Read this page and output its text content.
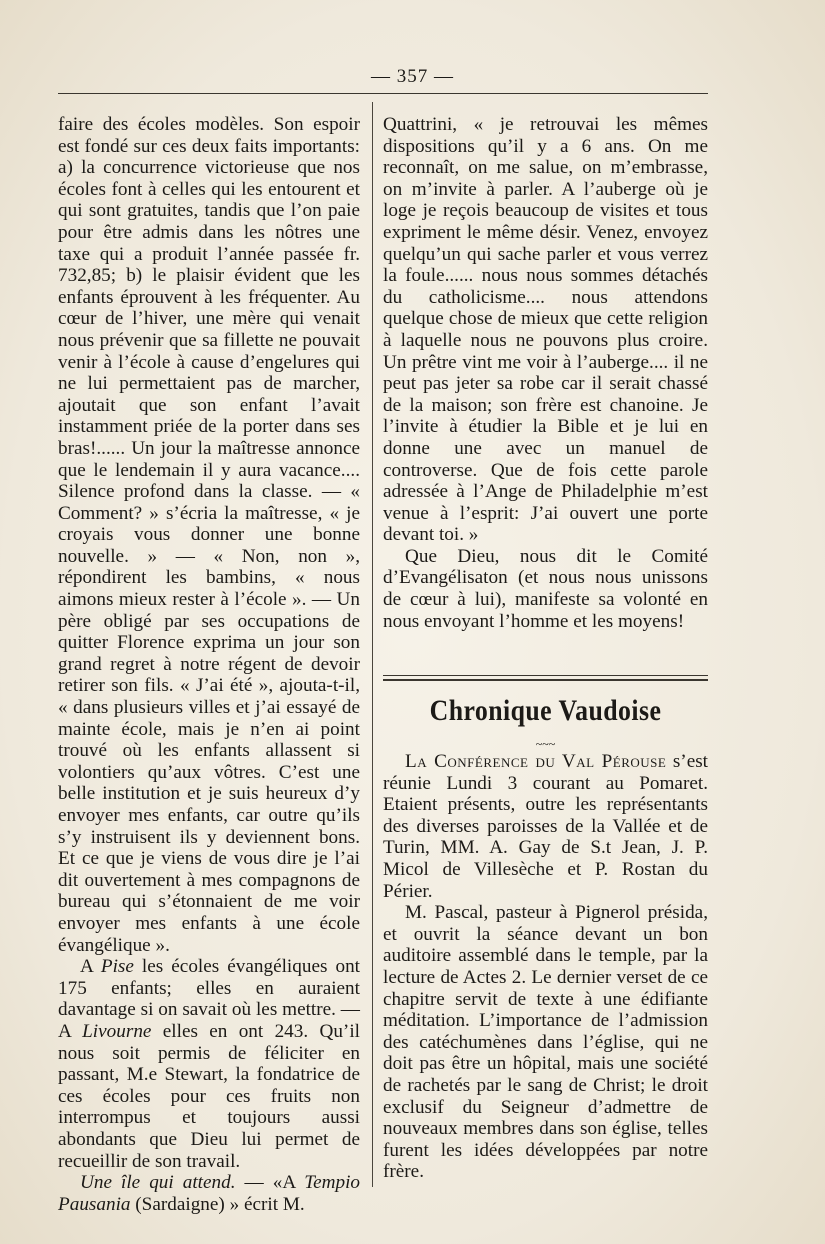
— 357 —

faire des écoles modèles. Son espoir est fondé sur ces deux faits importants: a) la concurrence victorieuse que nos écoles font à celles qui les entourent et qui sont gratuites, tandis que l’on paie pour être admis dans les nôtres une taxe qui a produit l’année passée fr. 732,85; b) le plaisir évident que les enfants éprouvent à les fréquenter. Au cœur de l’hiver, une mère qui venait nous prévenir que sa fillette ne pouvait venir à l’école à cause d’engelures qui ne lui permettaient pas de marcher, ajoutait que son enfant l’avait instamment priée de la porter dans ses bras!...... Un jour la maîtresse annonce que le lendemain il y aura vacance.... Silence profond dans la classe. — « Comment? » s’écria la maîtresse, « je croyais vous donner une bonne nouvelle. » — « Non, non », répondirent les bambins, « nous aimons mieux rester à l’école ». — Un père obligé par ses occupations de quitter Florence exprima un jour son grand regret à notre régent de devoir retirer son fils. « J’ai été », ajouta-t-il, « dans plusieurs villes et j’ai essayé de mainte école, mais je n’en ai point trouvé où les enfants allassent si volontiers qu’aux vôtres. C’est une belle institution et je suis heureux d’y envoyer mes enfants, car outre qu’ils s’y instruisent ils y deviennent bons. Et ce que je viens de vous dire je l’ai dit ouvertement à mes compagnons de bureau qui s’étonnaient de me voir envoyer mes enfants à une école évangélique ».

A Pise les écoles évangéliques ont 175 enfants; elles en auraient davantage si on savait où les mettre. — A Livourne elles en ont 243. Qu’il nous soit permis de féliciter en passant, M.e Stewart, la fondatrice de ces écoles pour ces fruits non interrompus et toujours aussi abondants que Dieu lui permet de recueillir de son travail.

Une île qui attend. — «A Tempio Pausania (Sardaigne) » écrit M.

Quattrini, « je retrouvai les mêmes dispositions qu’il y a 6 ans. On me reconnaît, on me salue, on m’embrasse, on m’invite à parler. A l’auberge où je loge je reçois beaucoup de visites et tous expriment le même désir. Venez, envoyez quelqu’un qui sache parler et vous verrez la foule...... nous nous sommes détachés du catholicisme.... nous attendons quelque chose de mieux que cette religion à laquelle nous ne pouvons plus croire. Un prêtre vint me voir à l’auberge.... il ne peut pas jeter sa robe car il serait chassé de la maison; son frère est chanoine. Je l’invite à étudier la Bible et je lui en donne une avec un manuel de controverse. Que de fois cette parole adressée à l’Ange de Philadelphie m’est venue à l’esprit: J’ai ouvert une porte devant toi. »

Que Dieu, nous dit le Comité d’Evangélisaton (et nous nous unissons de cœur à lui), manifeste sa volonté en nous envoyant l’homme et les moyens!

Chronique Vaudoise
~~~

La Conférence du Val Pérouse s’est réunie Lundi 3 courant au Pomaret. Etaient présents, outre les représentants des diverses paroisses de la Vallée et de Turin, MM. A. Gay de S.t Jean, J. P. Micol de Villesèche et P. Rostan du Périer.

M. Pascal, pasteur à Pignerol présida, et ouvrit la séance devant un bon auditoire assemblé dans le temple, par la lecture de Actes 2. Le dernier verset de ce chapitre servit de texte à une édifiante méditation. L’importance de l’admission des catéchumènes dans l’église, qui ne doit pas être un hôpital, mais une société de rachetés par le sang de Christ; le droit exclusif du Seigneur d’admettre de nouveaux membres dans son église, telles furent les idées développées par notre frère.
